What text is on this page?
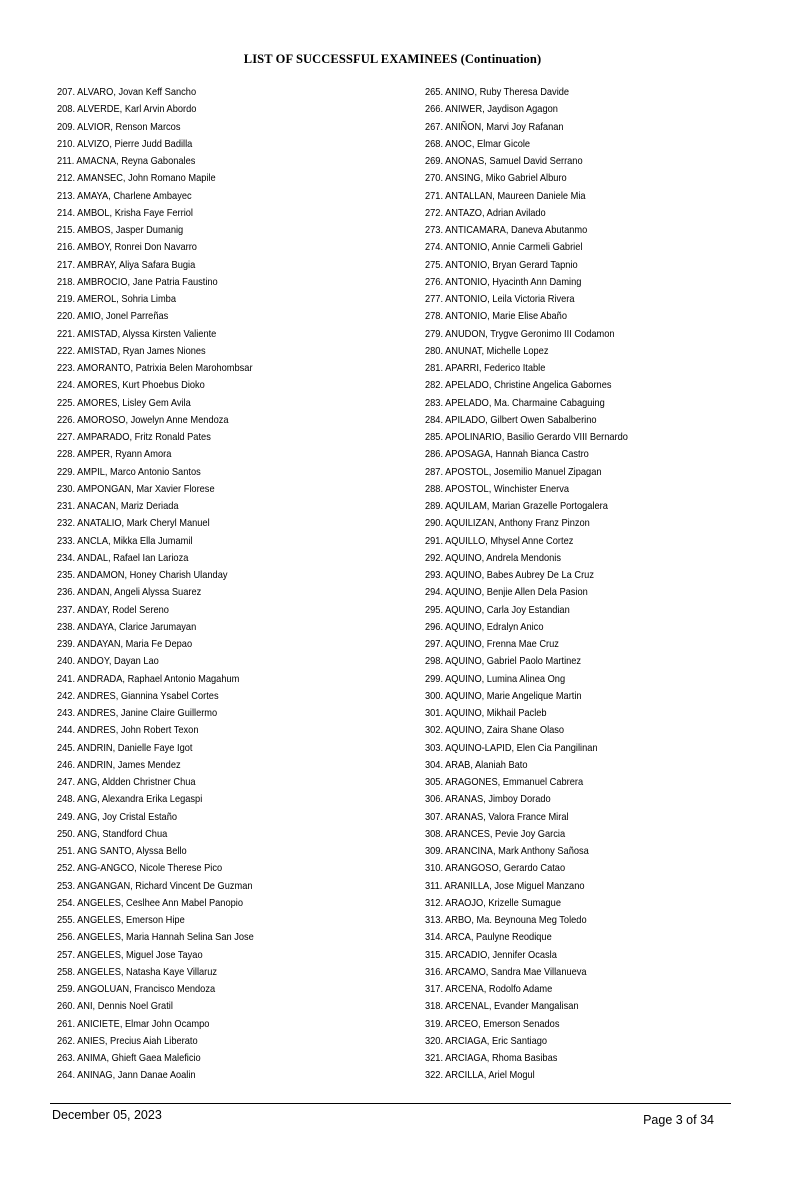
LIST OF SUCCESSFUL EXAMINEES (Continuation)
207. ALVARO, Jovan Keff Sancho
208. ALVERDE, Karl Arvin Abordo
209. ALVIOR, Renson Marcos
210. ALVIZO, Pierre Judd Badilla
211. AMACNA, Reyna Gabonales
212. AMANSEC, John Romano Mapile
213. AMAYA, Charlene Ambayec
214. AMBOL, Krisha Faye Ferriol
215. AMBOS, Jasper Dumanig
216. AMBOY, Ronrei Don Navarro
217. AMBRAY, Aliya Safara Bugia
218. AMBROCIO, Jane Patria Faustino
219. AMEROL, Sohria Limba
220. AMIO, Jonel Parreñas
221. AMISTAD, Alyssa Kirsten Valiente
222. AMISTAD, Ryan James Niones
223. AMORANTO, Patrixia Belen Marohombsar
224. AMORES, Kurt Phoebus Dioko
225. AMORES, Lisley Gem Avila
226. AMOROSO, Jowelyn Anne Mendoza
227. AMPARADO, Fritz Ronald Pates
228. AMPER, Ryann Amora
229. AMPIL, Marco Antonio Santos
230. AMPONGAN, Mar Xavier Florese
231. ANACAN, Mariz Deriada
232. ANATALIO, Mark Cheryl Manuel
233. ANCLA, Mikka Ella Jumamil
234. ANDAL, Rafael Ian Larioza
235. ANDAMON, Honey Charish Ulanday
236. ANDAN, Angeli Alyssa Suarez
237. ANDAY, Rodel Sereno
238. ANDAYA, Clarice Jarumayan
239. ANDAYAN, Maria Fe Depao
240. ANDOY, Dayan Lao
241. ANDRADA, Raphael Antonio Magahum
242. ANDRES, Giannina Ysabel Cortes
243. ANDRES, Janine Claire Guillermo
244. ANDRES, John Robert Texon
245. ANDRIN, Danielle Faye Igot
246. ANDRIN, James Mendez
247. ANG, Aldden Christner Chua
248. ANG, Alexandra Erika Legaspi
249. ANG, Joy Cristal Estaño
250. ANG, Standford Chua
251. ANG SANTO, Alyssa Bello
252. ANG-ANGCO, Nicole Therese Pico
253. ANGANGAN, Richard Vincent De Guzman
254. ANGELES, Ceslhee Ann Mabel Panopio
255. ANGELES, Emerson Hipe
256. ANGELES, Maria Hannah Selina San Jose
257. ANGELES, Miguel Jose Tayao
258. ANGELES, Natasha Kaye Villaruz
259. ANGOLUAN, Francisco Mendoza
260. ANI, Dennis Noel Gratil
261. ANICIETE, Elmar John Ocampo
262. ANIES, Precius Aiah Liberato
263. ANIMA, Ghieft Gaea Maleficio
264. ANINAG, Jann Danae Aoalin
265. ANINO, Ruby Theresa Davide
266. ANIWER, Jaydison Agagon
267. ANIÑON, Marvi Joy Rafanan
268. ANOC, Elmar Gicole
269. ANONAS, Samuel David Serrano
270. ANSING, Miko Gabriel Alburo
271. ANTALLAN, Maureen Daniele Mia
272. ANTAZO, Adrian Avilado
273. ANTICAMARA, Daneva Abutanmo
274. ANTONIO, Annie Carmeli Gabriel
275. ANTONIO, Bryan Gerard Tapnio
276. ANTONIO, Hyacinth Ann Daming
277. ANTONIO, Leila Victoria Rivera
278. ANTONIO, Marie Elise Abaño
279. ANUDON, Trygve Geronimo III Codamon
280. ANUNAT, Michelle Lopez
281. APARRI, Federico Itable
282. APELADO, Christine Angelica Gabornes
283. APELADO, Ma. Charmaine Cabaguing
284. APILADO, Gilbert Owen Sabalberino
285. APOLINARIO, Basilio Gerardo VIII Bernardo
286. APOSAGA, Hannah Bianca Castro
287. APOSTOL, Josemilio Manuel Zipagan
288. APOSTOL, Winchister Enerva
289. AQUILAM, Marian Grazelle Portogalera
290. AQUILIZAN, Anthony Franz Pinzon
291. AQUILLO, Mhysel Anne Cortez
292. AQUINO, Andrela Mendonis
293. AQUINO, Babes Aubrey De La Cruz
294. AQUINO, Benjie Allen Dela Pasion
295. AQUINO, Carla Joy Estandian
296. AQUINO, Edralyn Anico
297. AQUINO, Frenna Mae Cruz
298. AQUINO, Gabriel Paolo Martinez
299. AQUINO, Lumina Alinea Ong
300. AQUINO, Marie Angelique Martin
301. AQUINO, Mikhail Pacleb
302. AQUINO, Zaira Shane Olaso
303. AQUINO-LAPID, Elen Cia Pangilinan
304. ARAB, Alaniah Bato
305. ARAGONES, Emmanuel Cabrera
306. ARANAS, Jimboy Dorado
307. ARANAS, Valora France Miral
308. ARANCES, Pevie Joy Garcia
309. ARANCINA, Mark Anthony Sañosa
310. ARANGOSO, Gerardo Catao
311. ARANILLA, Jose Miguel Manzano
312. ARAOJO, Krizelle Sumague
313. ARBO, Ma. Beynouna Meg Toledo
314. ARCA, Paulyne Reodique
315. ARCADIO, Jennifer Ocasla
316. ARCAMO, Sandra Mae Villanueva
317. ARCENA, Rodolfo Adame
318. ARCENAL, Evander Mangalisan
319. ARCEO, Emerson Senados
320. ARCIAGA, Eric Santiago
321. ARCIAGA, Rhoma Basibas
322. ARCILLA, Ariel Mogul
December 05, 2023	Page 3 of 34
